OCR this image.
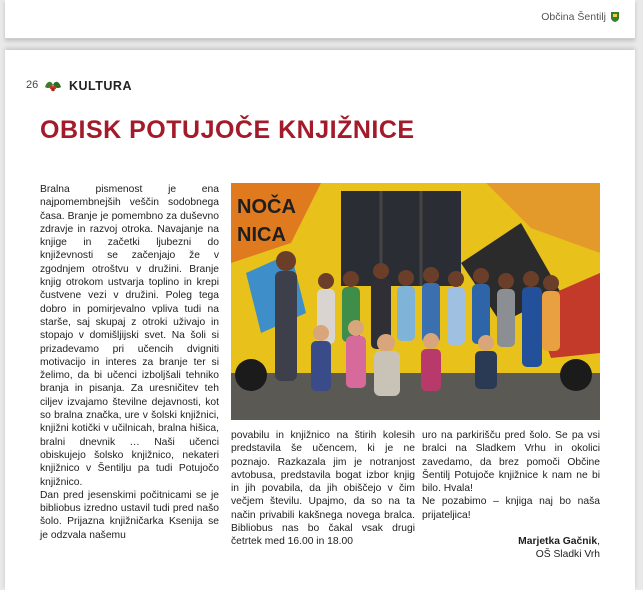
Občina Šentilj
26 KULTURA
OBISK POTUJOČE KNJIŽNICE

Bralna pismenost je ena najpomembnejših veščin sodobnega časa. Branje je pomembno za duševno zdravje in razvoj otroka. Navajanje na knjige in začetki ljubezni do književnosti se začenjajo že v zgodnjem otroštvu v družini. Branje knjig otrokom ustvarja toplino in krepi čustvene vezi v družini. Poleg tega dobro in pomirjevalno vpliva tudi na starše, saj skupaj z otroki uživajo in stopajo v domišljijski svet. Na šoli si prizadevamo pri učencih dvigniti motivacijo in interes za branje ter si želimo, da bi učenci izboljšali tehniko branja in pisanja. Za uresničitev teh ciljev izvajamo številne dejavnosti, kot so bralna značka, ure v šolski knjižnici, knjižni kotički v učilnicah, bralna hišica, bralni dnevnik … Naši učenci obiskujejo šolsko knjižnico, nekateri knjižnico v Šentilju pa tudi Potujočo knjižnico.

Dan pred jesenskimi počitnicami se je bibliobus izredno ustavil tudi pred našo šolo. Prijazna knjižničarka Ksenija se je odzvala našemu

NOČA
NICA

povabilu in knjižnico na štirih kolesih predstavila še učencem, ki je ne poznajo. Razkazala jim je notranjost avtobusa, predstavila bogat izbor knjig in jih povabila, da jih obiščejo v čim večjem številu. Upajmo, da so na ta način privabili kakšnega novega bralca. Bibliobus nas bo čakal vsak drugi četrtek med 16.00 in 18.00

uro na parkirišču pred šolo. Se pa vsi bralci na Sladkem Vrhu in okolici zavedamo, da brez pomoči Občine Šentilj Potujoče knjižnice k nam ne bi bilo. Hvala!

Ne pozabimo – knjiga naj bo naša prijateljica!

Marjetka Gačnik,
OŠ Sladki Vrh
